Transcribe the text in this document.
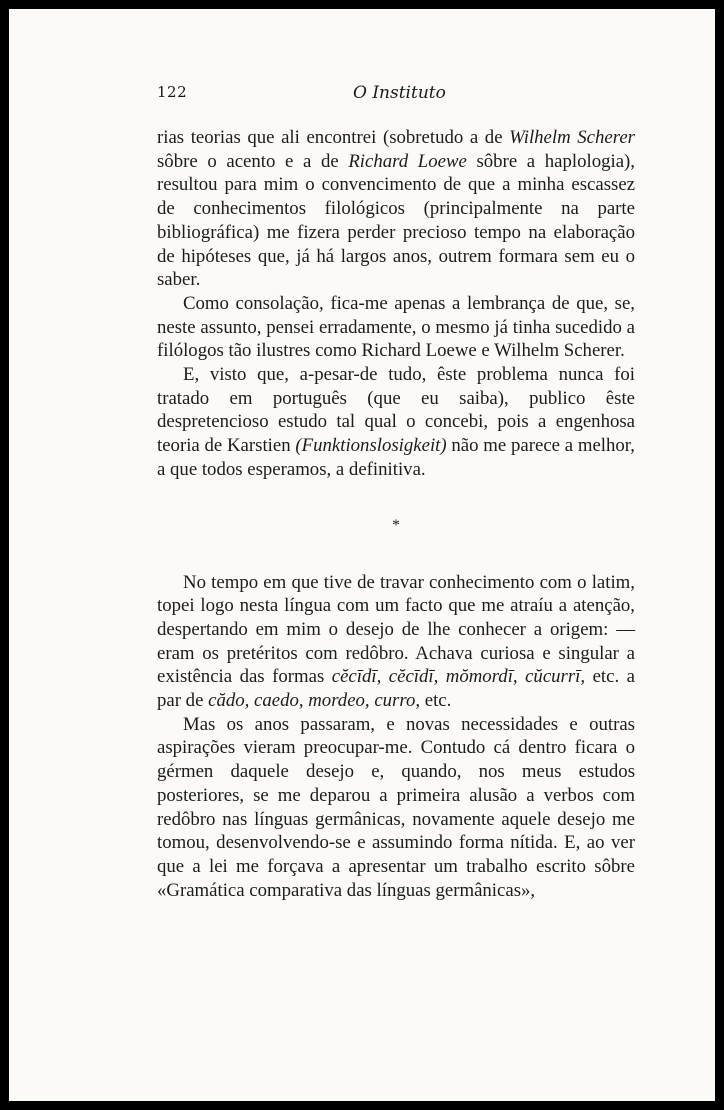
122	O Instituto

rias teorias que ali encontrei (sobretudo a de Wilhelm Scherer sôbre o acento e a de Richard Loewe sôbre a haplologia), resultou para mim o convencimento de que a minha escassez de conhecimentos filológicos (principalmente na parte bibliográfica) me fizera perder precioso tempo na elaboração de hipóteses que, já há largos anos, outrem formara sem eu o saber.

Como consolação, fica-me apenas a lembrança de que, se, neste assunto, pensei erradamente, o mesmo já tinha sucedido a filólogos tão ilustres como Richard Loewe e Wilhelm Scherer.

E, visto que, a-pesar-de tudo, êste problema nunca foi tratado em português (que eu saiba), publico êste despretencioso estudo tal qual o concebi, pois a engenhosa teoria de Karstien (Funktionslosigkeit) não me parece a melhor, a que todos esperamos, a definitiva.

*

No tempo em que tive de travar conhecimento com o latim, topei logo nesta língua com um facto que me atraíu a atenção, despertando em mim o desejo de lhe conhecer a origem: — eram os pretéritos com redôbro. Achava curiosa e singular a existência das formas cĕcīdī, cĕcīdī, mŏmordī, cŭcurrī, etc. a par de cădo, caedo, mordeo, curro, etc.

Mas os anos passaram, e novas necessidades e outras aspirações vieram preocupar-me. Contudo cá dentro ficara o gérmen daquele desejo e, quando, nos meus estudos posteriores, se me deparou a primeira alusão a verbos com redôbro nas línguas germânicas, novamente aquele desejo me tomou, desenvolvendo-se e assumindo forma nítida. E, ao ver que a lei me forçava a apresentar um trabalho escrito sôbre «Gramática comparativa das línguas germânicas»,
